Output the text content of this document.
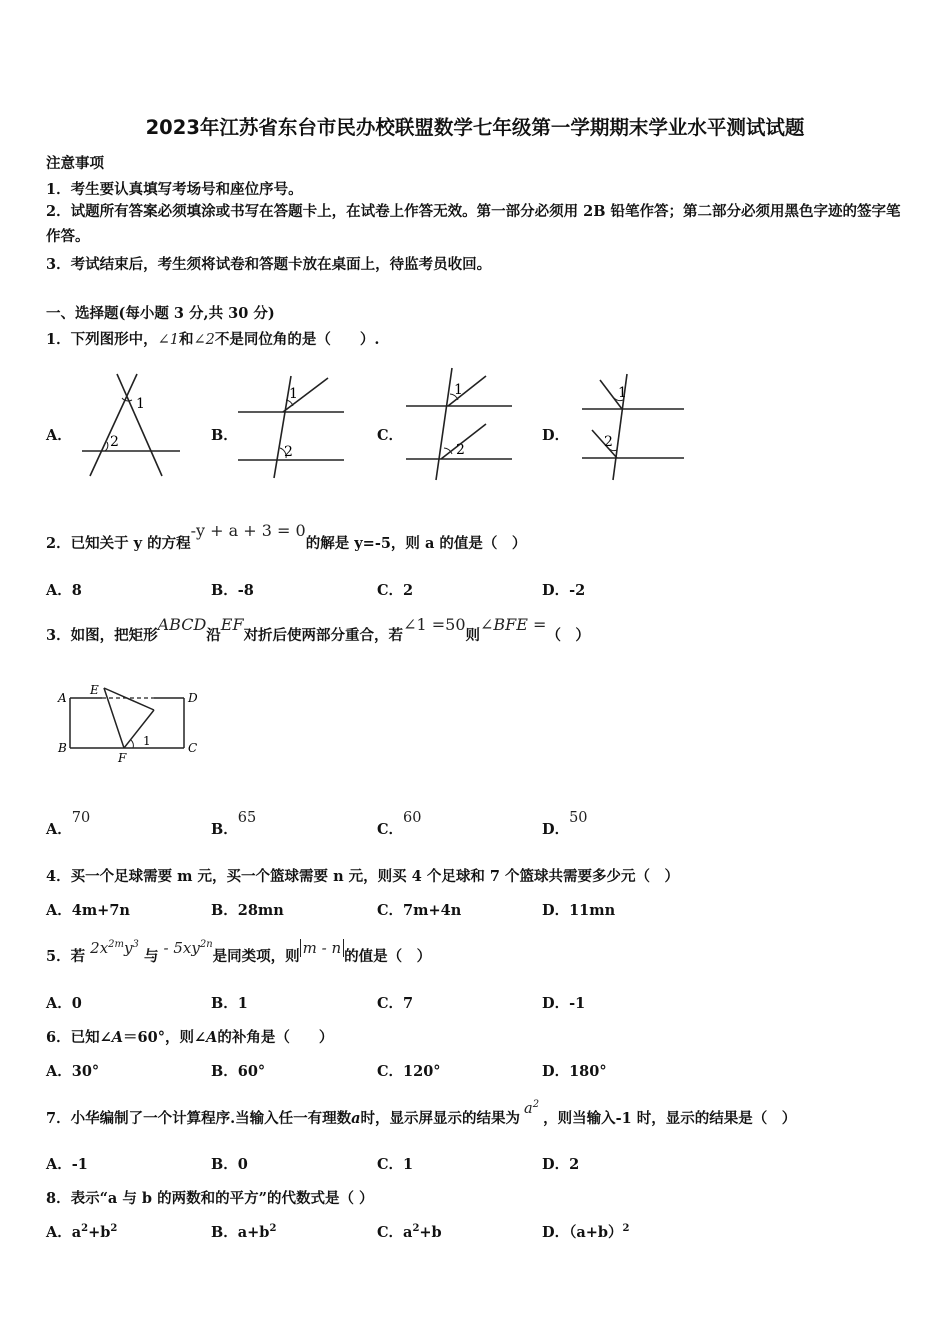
2023年江苏省东台市民办校联盟数学七年级第一学期期末学业水平测试试题
注意事项
1．考生要认真填写考场号和座位序号。
2．试题所有答案必须填涂或书写在答题卡上，在试卷上作答无效。第一部分必须用 2B 铅笔作答；第二部分必须用黑色字迹的签字笔作答。
3．考试结束后，考生须将试卷和答题卡放在桌面上，待监考员收回。
一、选择题(每小题 3 分,共 30 分)
1．下列图形中，∠1和∠2不是同位角的是（　　）.
A．
1
2	B．
1
2
C．
1
2
D．
1
2
2．已知关于 y 的方程-y + a + 3 = 0的解是 y=-5，则 a 的值是（　）
A．8	B．-8	C．2	D．-2
3．如图，把矩形ABCD沿EF对折后使两部分重合，若∠1 =50则∠BFE =（　）
A
E
D
B
F
C
1
A．70
B．65
C．60
D．50
4．买一个足球需要 m 元，买一个篮球需要 n 元，则买 4 个足球和 7 个篮球共需要多少元（　）
A．4m+7n	B．28mn	C．7m+4n	D．11mn
5．若 $2x^{2m}y^3$ 与 - $5xy^{2n}$是同类项，则 m - n 的值是（　）
A．0	B．1	C．7	D．-1
6．已知∠A＝60°，则∠A的补角是（　　）
A．30°	B．60°	C．120°	D．180°
7．小华编制了一个计算程序.当输入任一有理数a时，显示屏显示的结果为$a^2$，则当输入-1 时，显示的结果是（　）
A．-1	B．0	C．1	D．2
8．表示“a 与 b 的两数和的平方”的代数式是（ ）
A．$a^2+b^2$	B．$a+b^2$	C．$a^2+b$	D．$(a+b)^2$
